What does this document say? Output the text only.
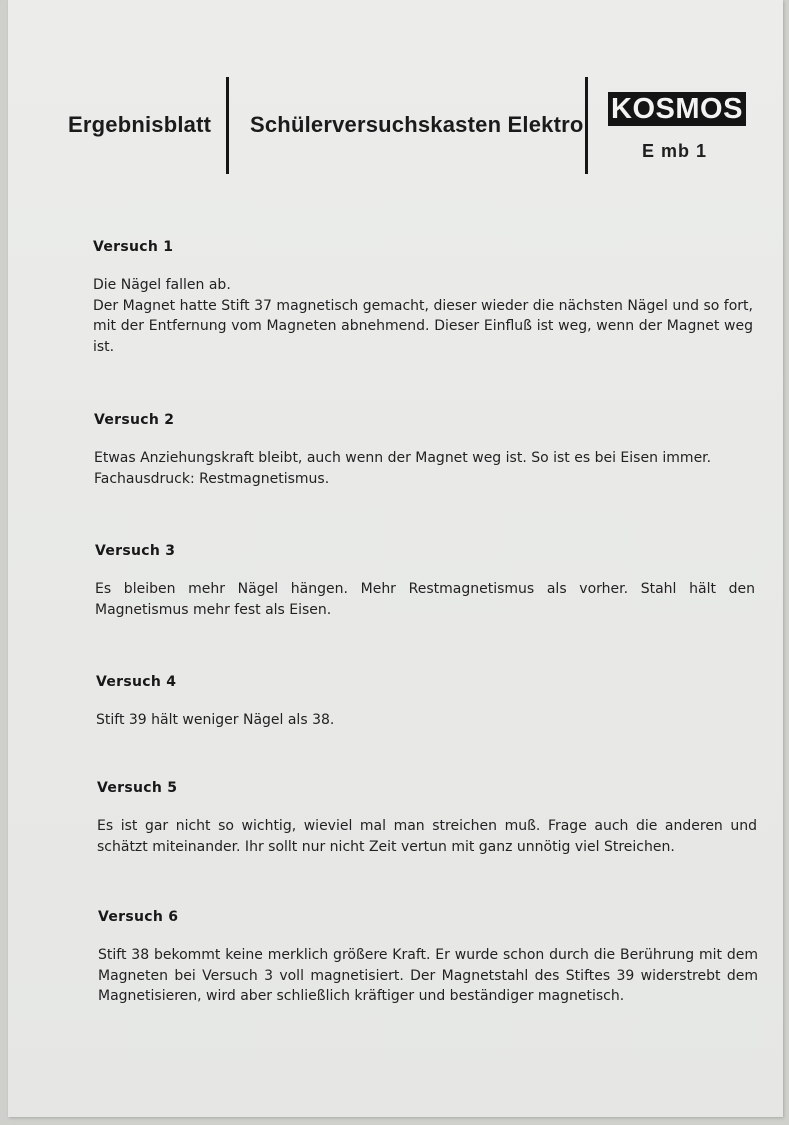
Ergebnisblatt Schülerversuchskasten Elektro KOSMOS
E mb 1
Versuch 1

Die Nägel fallen ab.

Der Magnet hatte Stift 37 magnetisch gemacht, dieser wieder die nächsten Nägel und so fort, mit der Entfernung vom Magneten abnehmend. Dieser Einfluß ist weg, wenn der Magnet weg ist.

Versuch 2

Etwas Anziehungskraft bleibt, auch wenn der Magnet weg ist. So ist es bei Eisen immer.

Fachausdruck: Restmagnetismus.

Versuch 3

Es bleiben mehr Nägel hängen. Mehr Restmagnetismus als vorher. Stahl hält den Magnetismus mehr fest als Eisen.

Versuch 4

Stift 39 hält weniger Nägel als 38.

Versuch 5

Es ist gar nicht so wichtig, wieviel mal man streichen muß. Frage auch die anderen und schätzt miteinander. Ihr sollt nur nicht Zeit vertun mit ganz unnötig viel Streichen.

Versuch 6

Stift 38 bekommt keine merklich größere Kraft. Er wurde schon durch die Berührung mit dem Magneten bei Versuch 3 voll magnetisiert. Der Magnetstahl des Stiftes 39 widerstrebt dem Magnetisieren, wird aber schließlich kräftiger und beständiger magnetisch.
